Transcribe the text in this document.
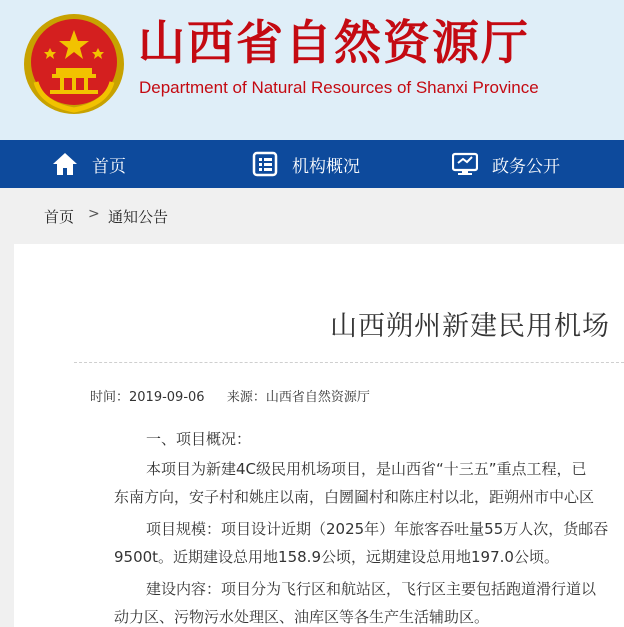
山西省自然资源厅
Department of Natural Resources of Shanxi Province
首页	机构概况	政务公开
首页 > 通知公告
山西朔州新建民用机场
时间：2019-09-06 来源：山西省自然资源厅
一、项目概况：
本项目为新建4C级民用机场项目，是山西省“十三五”重点工程，已
东南方向，安子村和姚庄以南，白圐圙村和陈庄村以北，距朔州市中心区
项目规模：项目设计近期（2025年）年旅客吞吐量55万人次，货邮吞
9500t。近期建设总用地158.9公顷，远期建设总用地197.0公顷。
建设内容：项目分为飞行区和航站区，飞行区主要包括跑道滑行道以
动力区、污物污水处理区、油库区等各生产生活辅助区。
